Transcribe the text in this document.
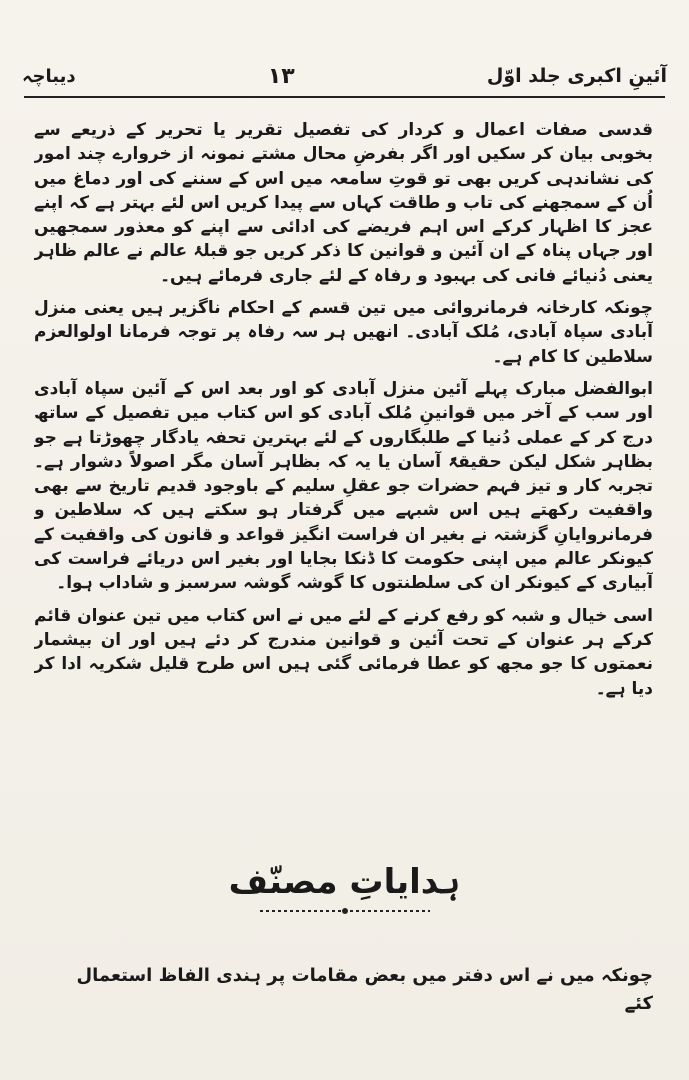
آئینِ اکبری جلد اوّل
۱۳
دیباچہ

قدسی صفات اعمال و کردار کی تفصیل تقریر یا تحریر کے ذریعے سے بخوبی بیان کر سکیں اور اگر بفرضِ محال مشتے نمونہ از خروارے چند امور کی نشاندہی کریں بھی تو قوتِ سامعہ میں اس کے سننے کی اور دماغ میں اُن کے سمجھنے کی تاب و طاقت کہاں سے پیدا کریں اس لئے بہتر ہے کہ اپنے عجز کا اظہار کرکے اس اہم فریضے کی ادائی سے اپنے کو معذور سمجھیں اور جہاں پناہ کے ان آئین و قوانین کا ذکر کریں جو قبلۂ عالم نے عالم ظاہر یعنی دُنیائے فانی کی بہبود و رفاہ کے لئے جاری فرمائے ہیں۔

چونکہ کارخانہ فرمانروائی میں تین قسم کے احکام ناگزیر ہیں یعنی منزل آبادی سپاہ آبادی، مُلک آبادی۔ انھیں ہر سہ رفاہ پر توجہ فرمانا اولوالعزم سلاطین کا کام ہے۔

ابوالفضل مبارک پہلے آئین منزل آبادی کو اور بعد اس کے آئین سپاہ آبادی اور سب کے آخر میں قوانینِ مُلک آبادی کو اس کتاب میں تفصیل کے ساتھ درج کر کے عملی دُنیا کے طلبگاروں کے لئے بہترین تحفہ یادگار چھوڑتا ہے جو بظاہر شکل لیکن حقیقۃً آسان یا یہ کہ بظاہر آسان مگر اصولاً دشوار ہے۔ تجربہ کار و تیز فہم حضرات جو عقلِ سلیم کے باوجود قدیم تاریخ سے بھی واقفیت رکھتے ہیں اس شبہے میں گرفتار ہو سکتے ہیں کہ سلاطین و فرمانروایانِ گزشتہ نے بغیر ان فراست انگیز قواعد و قانون کی واقفیت کے کیونکر عالم میں اپنی حکومت کا ڈنکا بجایا اور بغیر اس دریائے فراست کی آبیاری کے کیونکر ان کی سلطنتوں کا گوشہ گوشہ سرسبز و شاداب ہوا۔

اسی خیال و شبہ کو رفع کرنے کے لئے میں نے اس کتاب میں تین عنوان قائم کرکے ہر عنوان کے تحت آئین و قوانین مندرج کر دئے ہیں اور ان بیشمار نعمتوں کا جو مجھ کو عطا فرمائی گئی ہیں اس طرح قلیل شکریہ ادا کر دیا ہے۔

ہدایاتِ مصنّف
چونکہ میں نے اس دفتر میں بعض مقامات پر ہندی الفاظ استعمال کئے
